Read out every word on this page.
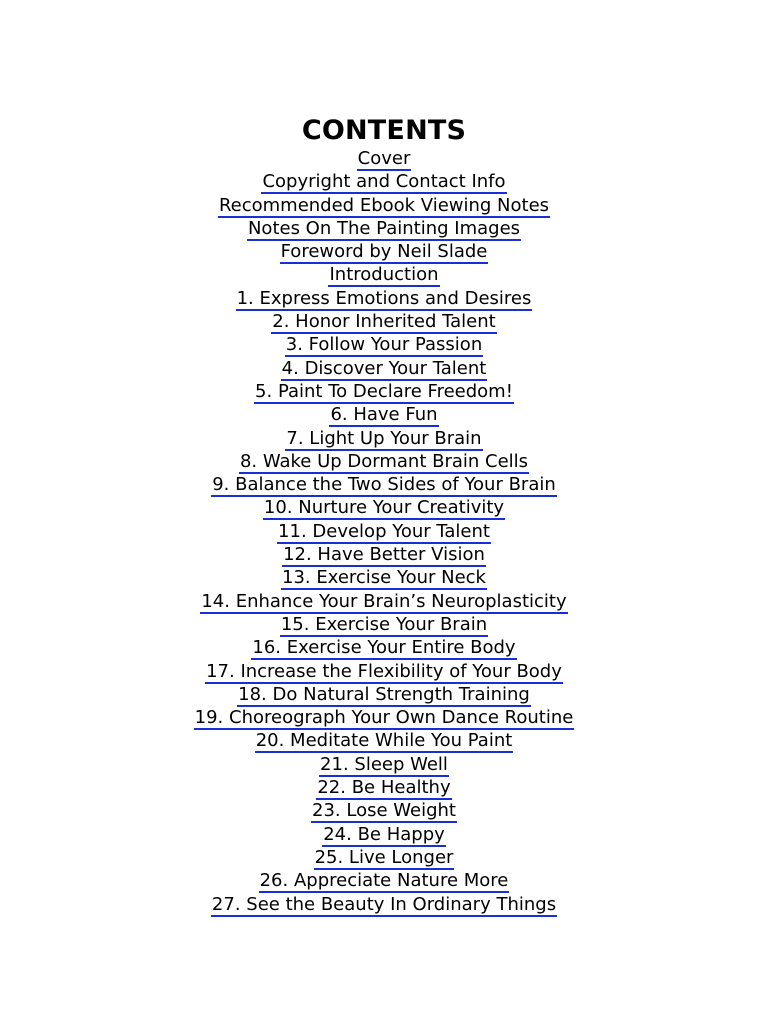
CONTENTS
Cover
Copyright and Contact Info
Recommended Ebook Viewing Notes
Notes On The Painting Images
Foreword by Neil Slade
Introduction
1. Express Emotions and Desires
2. Honor Inherited Talent
3. Follow Your Passion
4. Discover Your Talent
5. Paint To Declare Freedom!
6. Have Fun
7. Light Up Your Brain
8. Wake Up Dormant Brain Cells
9. Balance the Two Sides of Your Brain
10. Nurture Your Creativity
11. Develop Your Talent
12. Have Better Vision
13. Exercise Your Neck
14. Enhance Your Brain’s Neuroplasticity
15. Exercise Your Brain
16. Exercise Your Entire Body
17. Increase the Flexibility of Your Body
18. Do Natural Strength Training
19. Choreograph Your Own Dance Routine
20. Meditate While You Paint
21. Sleep Well
22. Be Healthy
23. Lose Weight
24. Be Happy
25. Live Longer
26. Appreciate Nature More
27. See the Beauty In Ordinary Things
